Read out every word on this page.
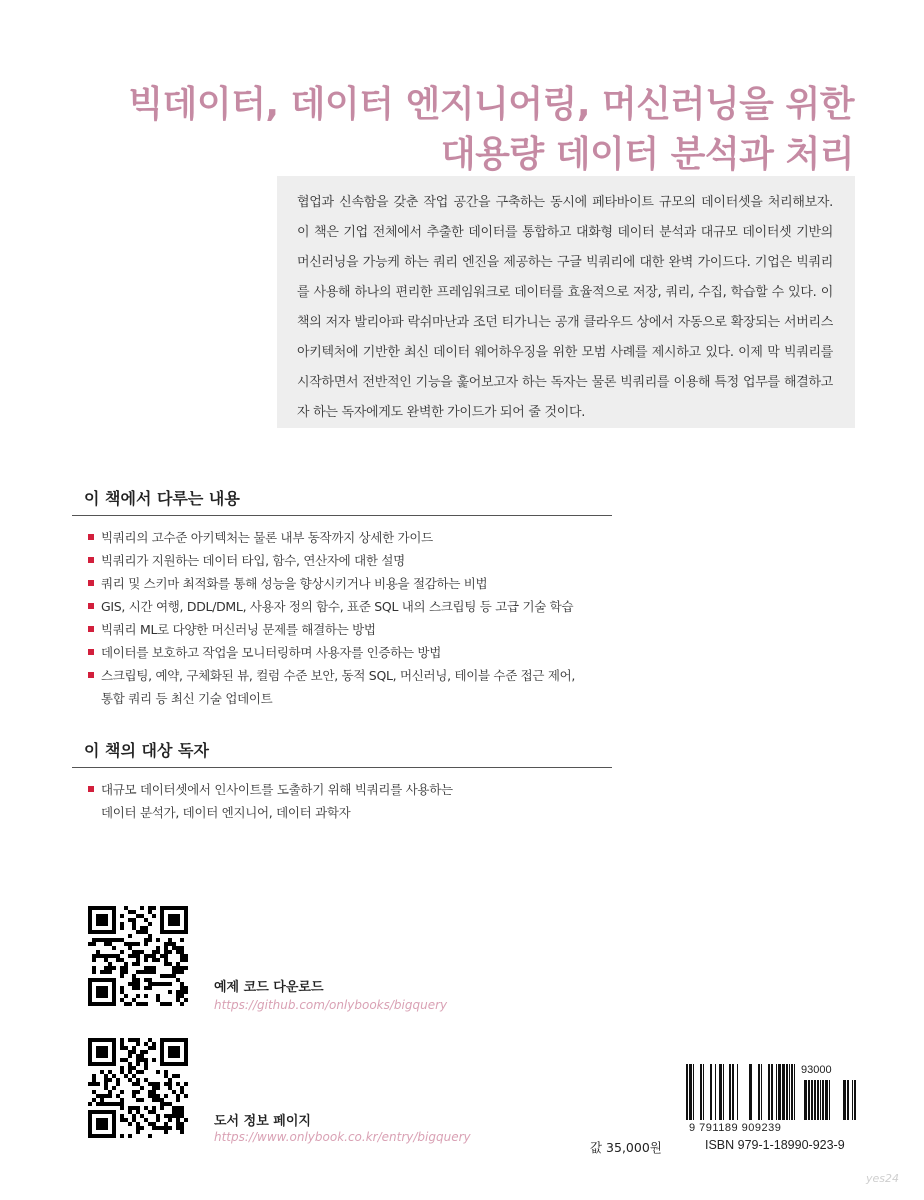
빅데이터, 데이터 엔지니어링, 머신러닝을 위한
대용량 데이터 분석과 처리

협업과 신속함을 갖춘 작업 공간을 구축하는 동시에 페타바이트 규모의 데이터셋을 처리해보자. 이 책은 기업 전체에서 추출한 데이터를 통합하고 대화형 데이터 분석과 대규모 데이터셋 기반의 머신러닝을 가능케 하는 쿼리 엔진을 제공하는 구글 빅쿼리에 대한 완벽 가이드다. 기업은 빅쿼리를 사용해 하나의 편리한 프레임워크로 데이터를 효율적으로 저장, 쿼리, 수집, 학습할 수 있다. 이 책의 저자 발리아파 락쉬마난과 조던 티가니는 공개 클라우드 상에서 자동으로 확장되는 서버리스 아키텍처에 기반한 최신 데이터 웨어하우징을 위한 모범 사례를 제시하고 있다. 이제 막 빅쿼리를 시작하면서 전반적인 기능을 훑어보고자 하는 독자는 물론 빅쿼리를 이용해 특정 업무를 해결하고자 하는 독자에게도 완벽한 가이드가 되어 줄 것이다.

이 책에서 다루는 내용
빅쿼리의 고수준 아키텍처는 물론 내부 동작까지 상세한 가이드
빅쿼리가 지원하는 데이터 타입, 함수, 연산자에 대한 설명
쿼리 및 스키마 최적화를 통해 성능을 향상시키거나 비용을 절감하는 비법
GIS, 시간 여행, DDL/DML, 사용자 정의 함수, 표준 SQL 내의 스크립팅 등 고급 기술 학습
빅쿼리 ML로 다양한 머신러닝 문제를 해결하는 방법
데이터를 보호하고 작업을 모니터링하며 사용자를 인증하는 방법
스크립팅, 예약, 구체화된 뷰, 컬럼 수준 보안, 동적 SQL, 머신러닝, 테이블 수준 접근 제어,
통합 쿼리 등 최신 기술 업데이트
이 책의 대상 독자
대규모 데이터셋에서 인사이트를 도출하기 위해 빅쿼리를 사용하는
데이터 분석가, 데이터 엔지니어, 데이터 과학자
예제 코드 다운로드
https://github.com/onlybooks/bigquery
도서 정보 페이지
https://www.onlybook.co.kr/entry/bigquery
값 35,000원
93000
9 791189 909239
ISBN 979-1-18990-923-9
yes24
